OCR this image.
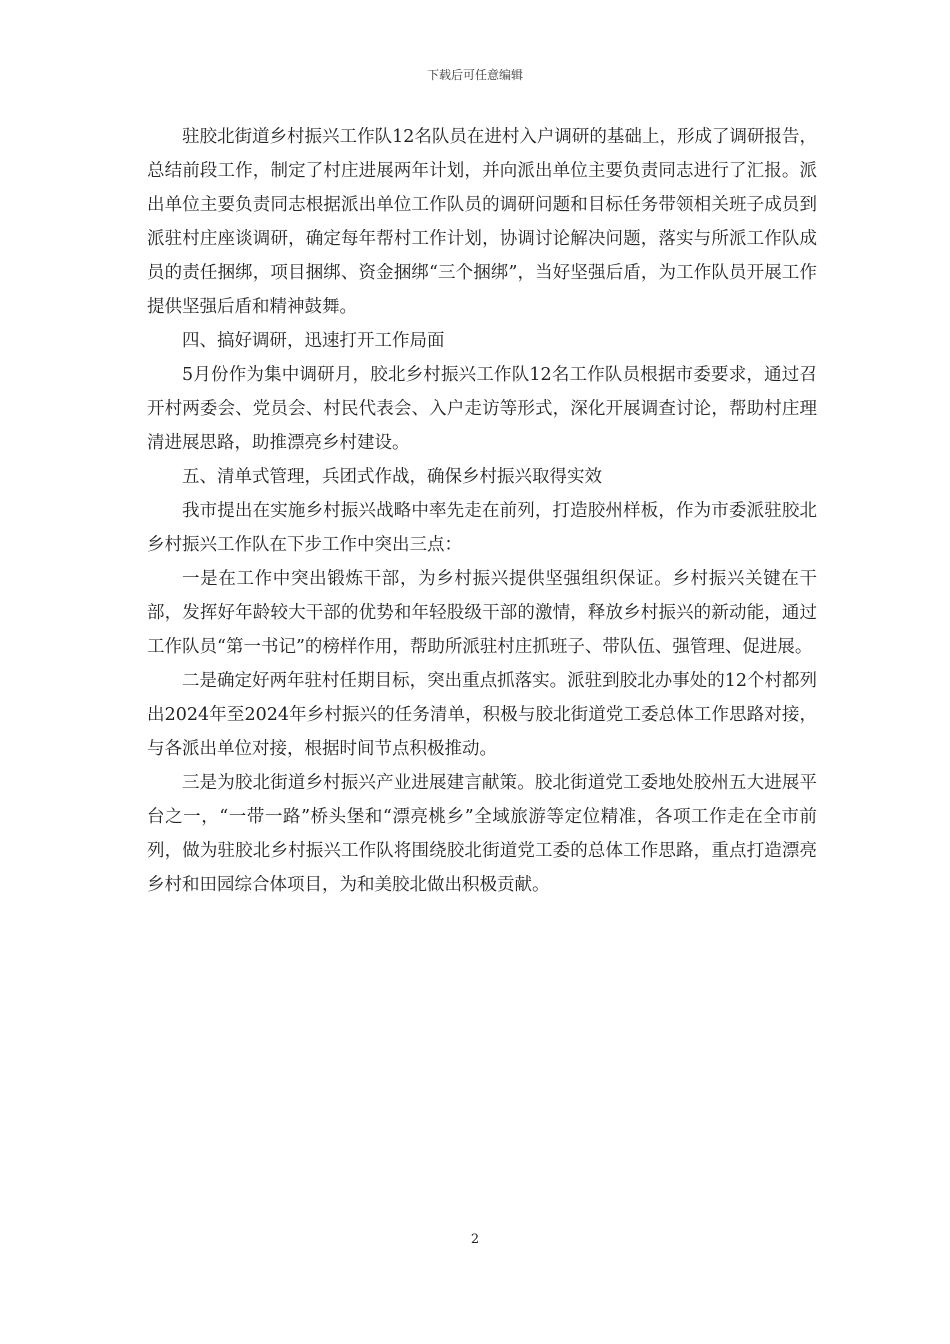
下载后可任意编辑

驻胶北街道乡村振兴工作队12名队员在进村入户调研的基础上，形成了调研报告，总结前段工作，制定了村庄进展两年计划，并向派出单位主要负责同志进行了汇报。派出单位主要负责同志根据派出单位工作队员的调研问题和目标任务带领相关班子成员到派驻村庄座谈调研，确定每年帮村工作计划，协调讨论解决问题，落实与所派工作队成员的责任捆绑，项目捆绑、资金捆绑“三个捆绑”，当好坚强后盾，为工作队员开展工作提供坚强后盾和精神鼓舞。

四、搞好调研，迅速打开工作局面

5月份作为集中调研月，胶北乡村振兴工作队12名工作队员根据市委要求，通过召开村两委会、党员会、村民代表会、入户走访等形式，深化开展调查讨论，帮助村庄理清进展思路，助推漂亮乡村建设。

五、清单式管理，兵团式作战，确保乡村振兴取得实效

我市提出在实施乡村振兴战略中率先走在前列，打造胶州样板，作为市委派驻胶北乡村振兴工作队在下步工作中突出三点：

一是在工作中突出锻炼干部，为乡村振兴提供坚强组织保证。乡村振兴关键在干部，发挥好年龄较大干部的优势和年轻股级干部的激情，释放乡村振兴的新动能，通过工作队员“第一书记”的榜样作用，帮助所派驻村庄抓班子、带队伍、强管理、促进展。

二是确定好两年驻村任期目标，突出重点抓落实。派驻到胶北办事处的12个村都列出2024年至2024年乡村振兴的任务清单，积极与胶北街道党工委总体工作思路对接，与各派出单位对接，根据时间节点积极推动。

三是为胶北街道乡村振兴产业进展建言献策。胶北街道党工委地处胶州五大进展平台之一，“一带一路”桥头堡和“漂亮桃乡”全域旅游等定位精准，各项工作走在全市前列，做为驻胶北乡村振兴工作队将围绕胶北街道党工委的总体工作思路，重点打造漂亮乡村和田园综合体项目，为和美胶北做出积极贡献。

2
